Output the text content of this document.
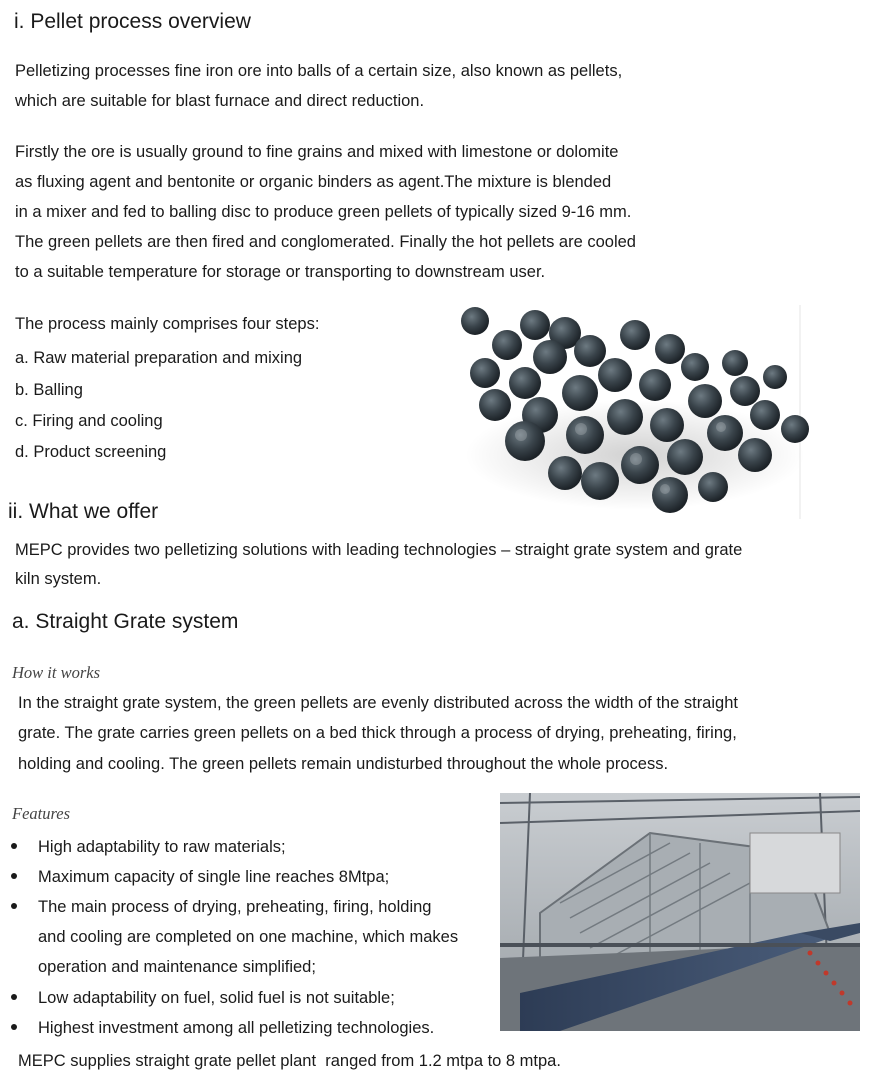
i. Pellet process overview
Pelletizing processes fine iron ore into balls of a certain size, also known as pellets,
which are suitable for blast furnace and direct reduction.
Firstly the ore is usually ground to fine grains and mixed with limestone or dolomite
as fluxing agent and bentonite or organic binders as agent.The mixture is blended
in a mixer and fed to balling disc to produce green pellets of typically sized 9-16 mm.
The green pellets are then fired and conglomerated. Finally the hot pellets are cooled
to a suitable temperature for storage or transporting to downstream user.
The process mainly comprises four steps:
a. Raw material preparation and mixing
b. Balling
c. Firing and cooling
d. Product screening
ii. What we offer
MEPC provides two pelletizing solutions with leading technologies – straight grate system and grate
kiln system.
a. Straight Grate system
How it works
In the straight grate system, the green pellets are evenly distributed across the width of the straight
grate. The grate carries green pellets on a bed thick through a process of drying, preheating, firing,
holding and cooling. The green pellets remain undisturbed throughout the whole process.
Features
High adaptability to raw materials;
Maximum capacity of single line reaches 8Mtpa;
The main process of drying, preheating, firing, holding
and cooling are completed on one machine, which makes
operation and maintenance simplified;
Low adaptability on fuel, solid fuel is not suitable;
Highest investment among all pelletizing technologies.
MEPC supplies straight grate pellet plant  ranged from 1.2 mtpa to 8 mtpa.
